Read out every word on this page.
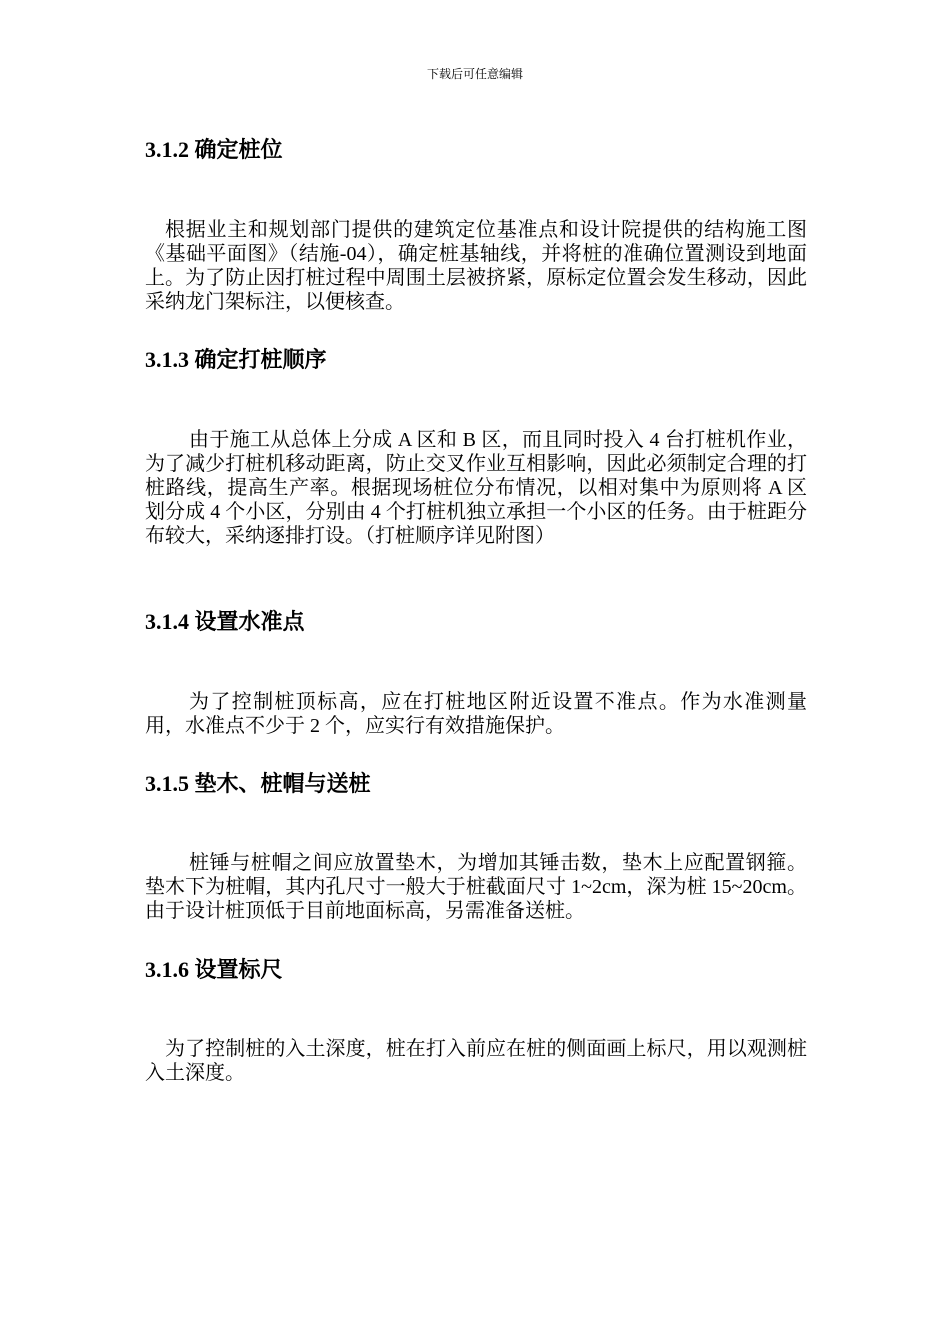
下载后可任意编辑
3.1.2 确定桩位

根据业主和规划部门提供的建筑定位基准点和设计院提供的结构施工图《基础平面图》（结施-04），确定桩基轴线，并将桩的准确位置测设到地面上。为了防止因打桩过程中周围土层被挤紧，原标定位置会发生移动，因此采纳龙门架标注，以便核查。

3.1.3 确定打桩顺序

由于施工从总体上分成 A 区和 B 区，而且同时投入 4 台打桩机作业，为了减少打桩机移动距离，防止交叉作业互相影响，因此必须制定合理的打桩路线，提高生产率。根据现场桩位分布情况，以相对集中为原则将 A 区划分成 4 个小区，分别由 4 个打桩机独立承担一个小区的任务。由于桩距分布较大，采纳逐排打设。（打桩顺序详见附图）

3.1.4 设置水准点

为了控制桩顶标高，应在打桩地区附近设置不准点。作为水准测量用，水准点不少于 2 个，应实行有效措施保护。

3.1.5 垫木、桩帽与送桩

桩锤与桩帽之间应放置垫木，为增加其锤击数，垫木上应配置钢箍。垫木下为桩帽，其内孔尺寸一般大于桩截面尺寸 1~2cm，深为桩 15~20cm。由于设计桩顶低于目前地面标高，另需准备送桩。

3.1.6 设置标尺

为了控制桩的入土深度，桩在打入前应在桩的侧面画上标尺，用以观测桩入土深度。
